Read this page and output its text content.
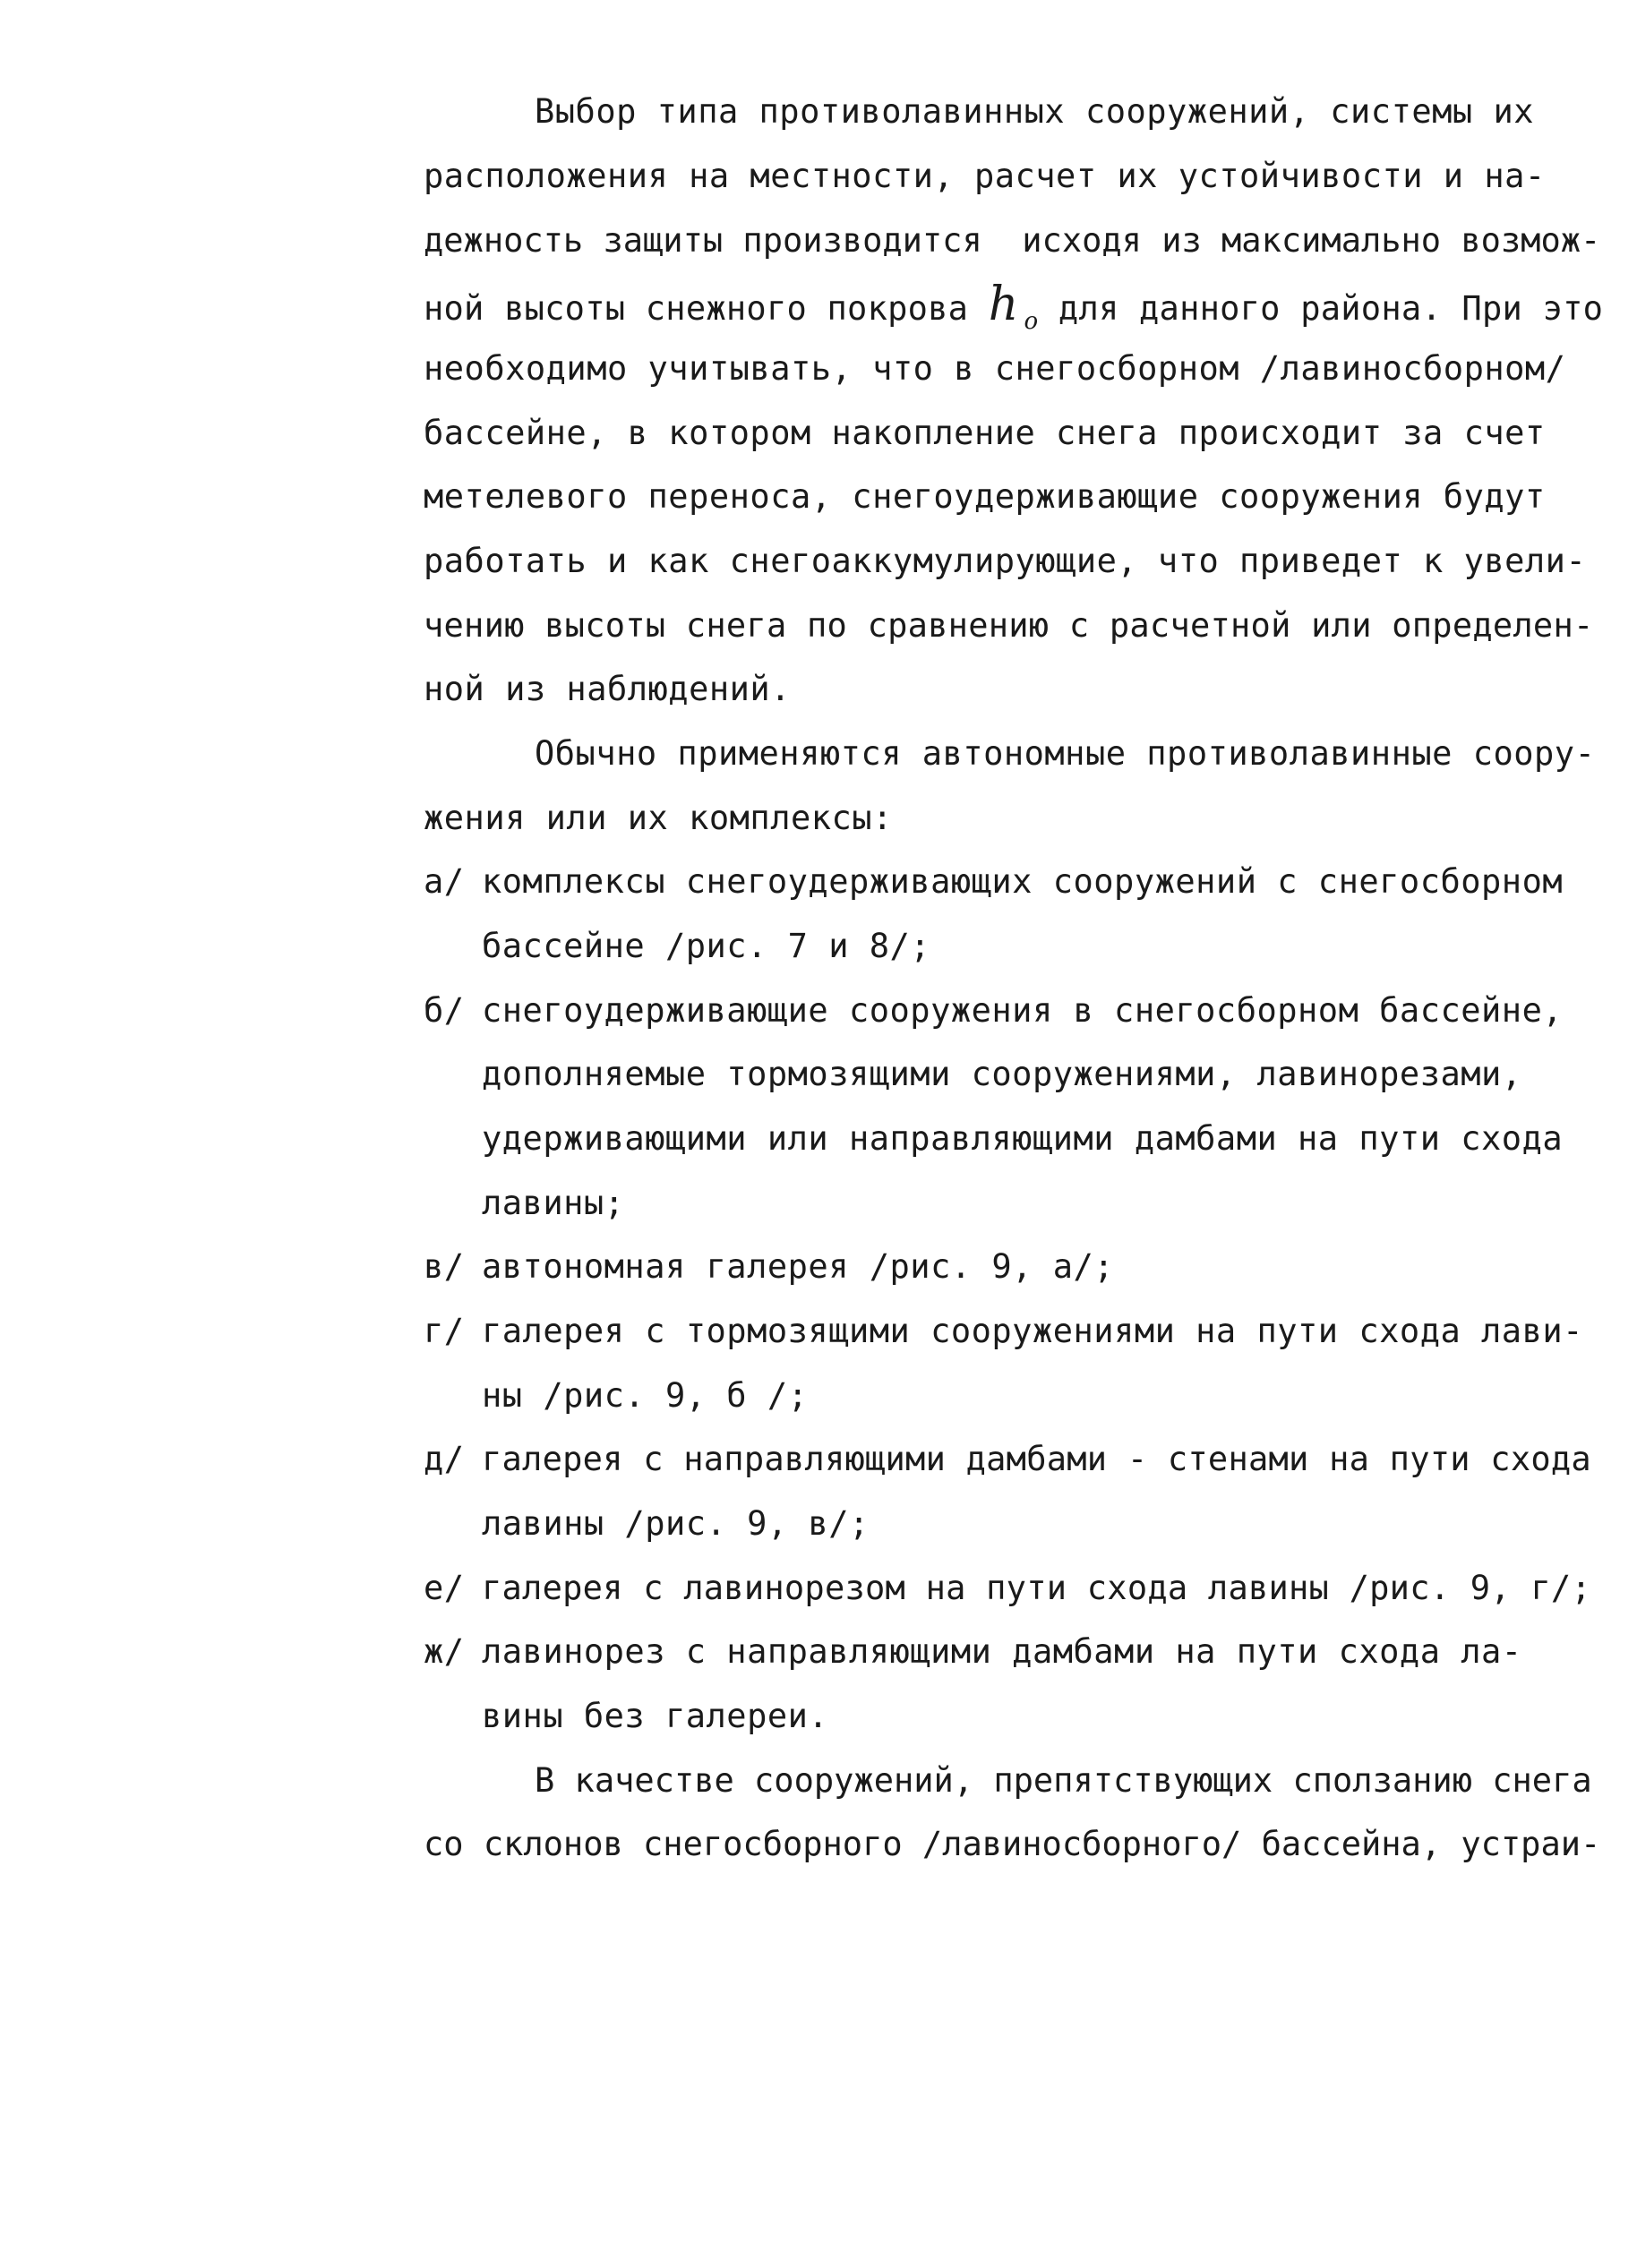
Выбор типа противолавинных сооружений, системы их
расположения на местности, расчет их устойчивости и на-
дежность защиты производится  исходя из максимально возмож-
ной высоты снежного покрова h o для данного района. При это
необходимо учитывать, что в снегосборном /лавиносборном/
бассейне, в котором накопление снега происходит за счет
метелевого переноса, снегоудерживающие сооружения будут
работать и как снегоаккумулирующие, что приведет к увели-
чению высоты снега по сравнению с расчетной или определен-
ной из наблюдений.
Обычно применяются автономные противолавинные соору-
жения или их комплексы:
а/ комплексы снегоудерживающих сооружений с снегосборном
бассейне /рис. 7 и 8/;
б/ снегоудерживающие сооружения в снегосборном бассейне,
дополняемые тормозящими сооружениями, лавинорезами,
удерживающими или направляющими дамбами на пути схода
лавины;
в/ автономная галерея /рис. 9, а/;
г/ галерея с тормозящими сооружениями на пути схода лави-
ны /рис. 9, б /;
д/ галерея с направляющими дамбами - стенами на пути схода
лавины /рис. 9, в/;
е/ галерея с лавинорезом на пути схода лавины /рис. 9, г/;
ж/ лавинорез с направляющими дамбами на пути схода ла-
вины без галереи.
В качестве сооружений, препятствующих сползанию снега
со склонов снегосборного /лавиносборного/ бассейна, устраи-
